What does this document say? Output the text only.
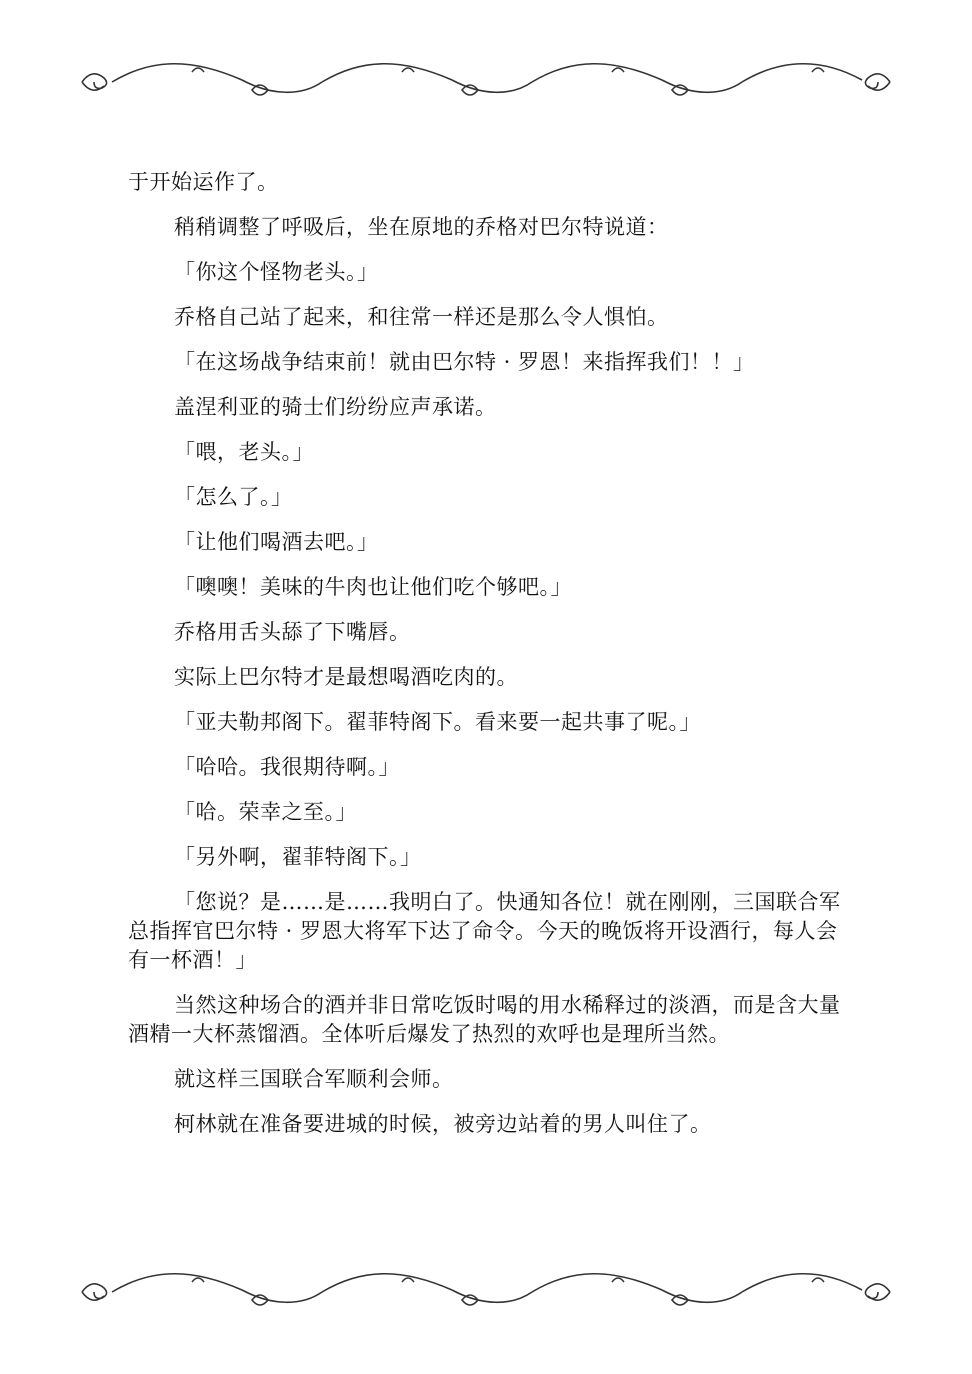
于开始运作了。

稍稍调整了呼吸后，坐在原地的乔格对巴尔特说道：

「你这个怪物老头。」

乔格自己站了起来，和往常一样还是那么令人惧怕。

「在这场战争结束前！就由巴尔特 · 罗恩！来指挥我们！！」

盖涅利亚的骑士们纷纷应声承诺。

「喂，老头。」

「怎么了。」

「让他们喝酒去吧。」

「噢噢！美味的牛肉也让他们吃个够吧。」

乔格用舌头舔了下嘴唇。

实际上巴尔特才是最想喝酒吃肉的。

「亚夫勒邦阁下。翟菲特阁下。看来要一起共事了呢。」

「哈哈。我很期待啊。」

「哈。荣幸之至。」

「另外啊，翟菲特阁下。」

「您说？是……是……我明白了。快通知各位！就在刚刚，三国联合军总指挥官巴尔特 · 罗恩大将军下达了命令。今天的晚饭将开设酒行，每人会有一杯酒！」

当然这种场合的酒并非日常吃饭时喝的用水稀释过的淡酒，而是含大量酒精一大杯蒸馏酒。全体听后爆发了热烈的欢呼也是理所当然。

就这样三国联合军顺利会师。

柯林就在准备要进城的时候，被旁边站着的男人叫住了。
